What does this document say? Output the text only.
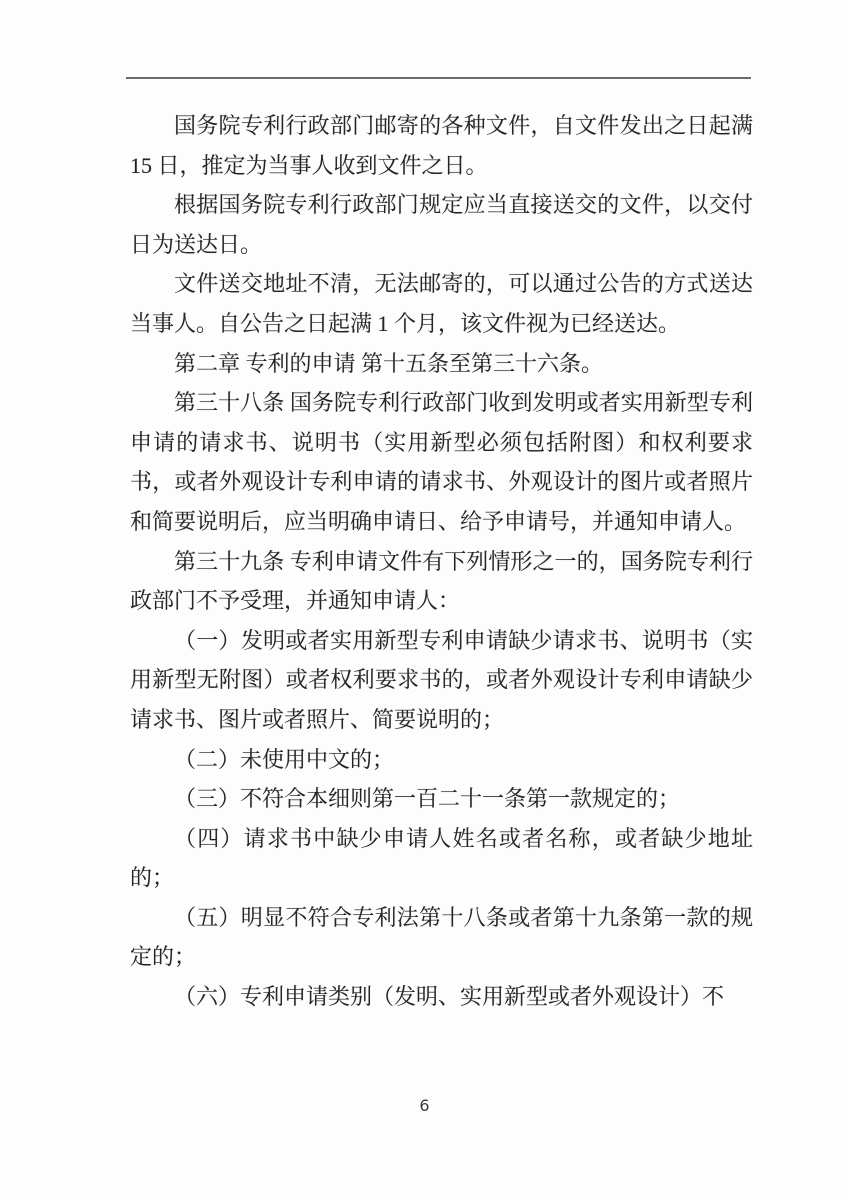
国务院专利行政部门邮寄的各种文件，自文件发出之日起满 15 日，推定为当事人收到文件之日。

根据国务院专利行政部门规定应当直接送交的文件，以交付日为送达日。

文件送交地址不清，无法邮寄的，可以通过公告的方式送达当事人。自公告之日起满 1 个月，该文件视为已经送达。

第二章 专利的申请 第十五条至第三十六条。

第三十八条 国务院专利行政部门收到发明或者实用新型专利申请的请求书、说明书（实用新型必须包括附图）和权利要求书，或者外观设计专利申请的请求书、外观设计的图片或者照片和简要说明后，应当明确申请日、给予申请号，并通知申请人。

第三十九条 专利申请文件有下列情形之一的，国务院专利行政部门不予受理，并通知申请人：

（一）发明或者实用新型专利申请缺少请求书、说明书（实用新型无附图）或者权利要求书的，或者外观设计专利申请缺少请求书、图片或者照片、简要说明的；

（二）未使用中文的；

（三）不符合本细则第一百二十一条第一款规定的；

（四）请求书中缺少申请人姓名或者名称，或者缺少地址的；

（五）明显不符合专利法第十八条或者第十九条第一款的规定的；

（六）专利申请类别（发明、实用新型或者外观设计）不

6
